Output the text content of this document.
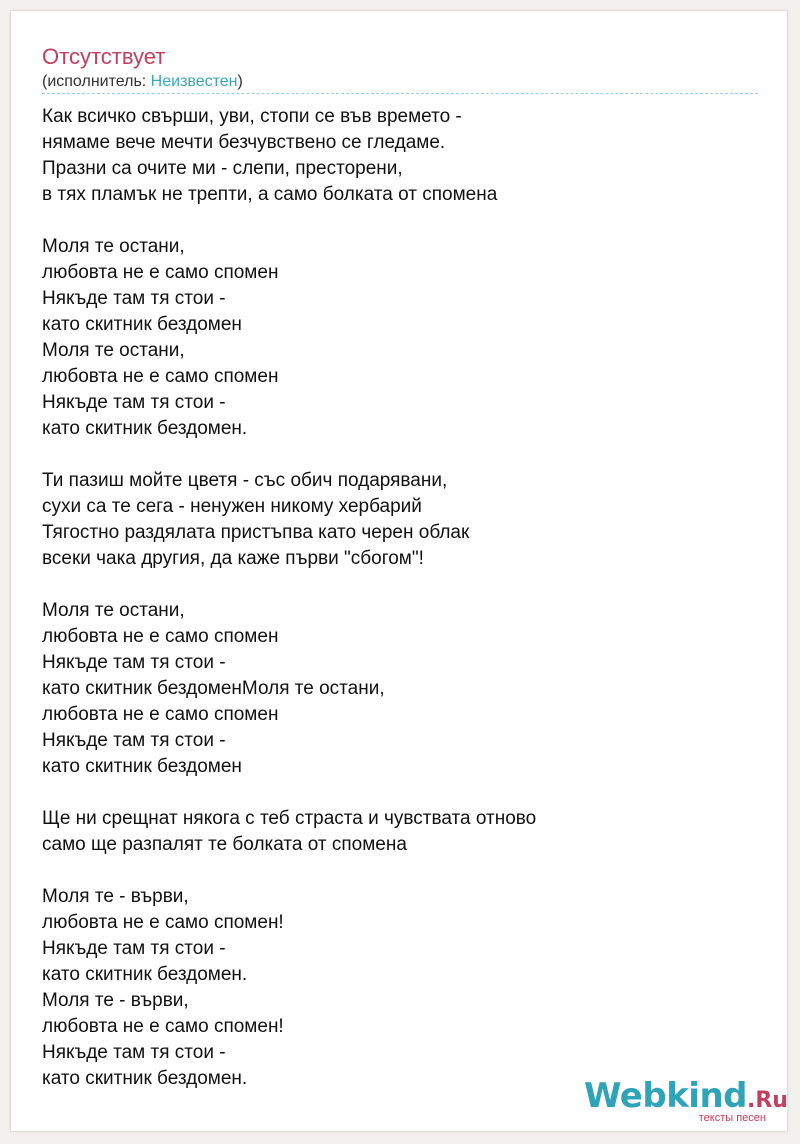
Отсутствует
(исполнитель: Неизвестен)
Как всичко свърши, уви, стопи се във времето -
нямаме вече мечти безчувствено се гледаме.
Празни са очите ми - слепи, престорени,
в тях пламък не трепти, а само болката от спомена

Моля те остани,
любовта не е само спомен
Някъде там тя стои -
като скитник бездомен
Моля те остани,
любовта не е само спомен
Някъде там тя стои -
като скитник бездомен.

Ти пазиш мойте цветя - със обич подарявани,
сухи са те сега - ненужен никому хербарий
Тягостно раздялата пристъпва като черен облак
всеки чака другия, да каже първи "сбогом"!

Моля те остани,
любовта не е само спомен
Някъде там тя стои -
като скитник бездоменМоля те остани,
любовта не е само спомен
Някъде там тя стои -
като скитник бездомен

Ще ни срещнат някога с теб страста и чувствата отново
само ще разпалят те болката от спомена

Моля те - върви,
любовта не е само спомен!
Някъде там тя стои -
като скитник бездомен.
Моля те - върви,
любовта не е само спомен!
Някъде там тя стои -
като скитник бездомен.	Webkind.Ru
тексты песен
